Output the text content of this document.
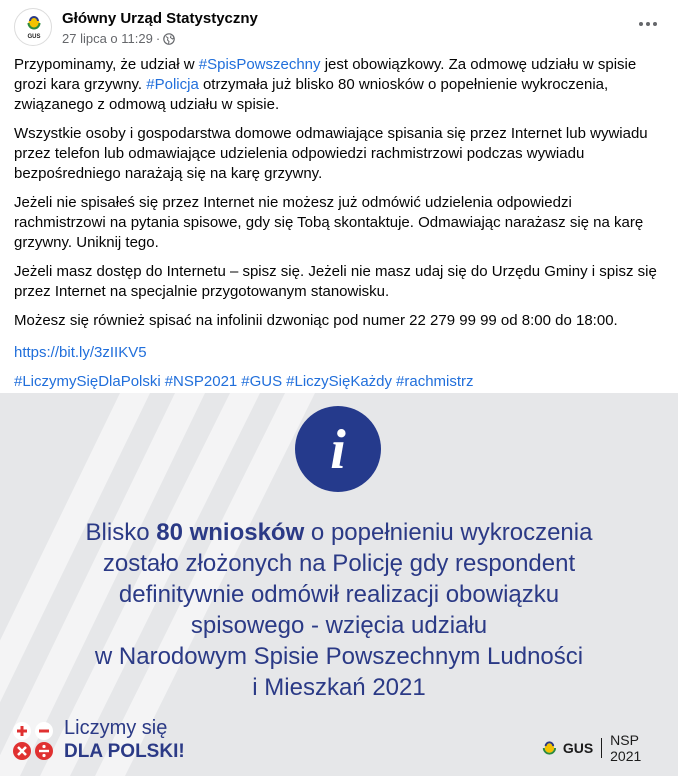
GUS
Główny Urząd Statystyczny
27 lipca o 11:29 ·

Przypominamy, że udział w #SpisPowszechny jest obowiązkowy. Za odmowę udziału w spisie grozi kara grzywny. #Policja otrzymała już blisko 80 wniosków o popełnienie wykroczenia, związanego z odmową udziału w spisie.

Wszystkie osoby i gospodarstwa domowe odmawiające spisania się przez Internet lub wywiadu przez telefon lub odmawiające udzielenia odpowiedzi rachmistrzowi podczas wywiadu bezpośredniego narażają się na karę grzywny.

Jeżeli nie spisałeś się przez Internet nie możesz już odmówić udzielenia odpowiedzi rachmistrzowi na pytania spisowe, gdy się Tobą skontaktuje. Odmawiając narażasz się na karę grzywny. Uniknij tego.

Jeżeli masz dostęp do Internetu – spisz się. Jeżeli nie masz udaj się do Urzędu Gminy i spisz się przez Internet na specjalnie przygotowanym stanowisku.

Możesz się również spisać na infolinii dzwoniąc pod numer 22 279 99 99 od 8:00 do 18:00.

https://bit.ly/3zIIKV5

#LiczymySięDlaPolski #NSP2021 #GUS #LiczySięKażdy #rachmistrz

i
Blisko 80 wniosków o popełnieniu wykroczenia
zostało złożonych na Policję gdy respondent
definitywnie odmówił realizacji obowiązku
spisowego - wzięcia udziału
w Narodowym Spisie Powszechnym Ludności
i Mieszkań 2021
Liczymy się
DLA POLSKI!	GUS NSP 2021
